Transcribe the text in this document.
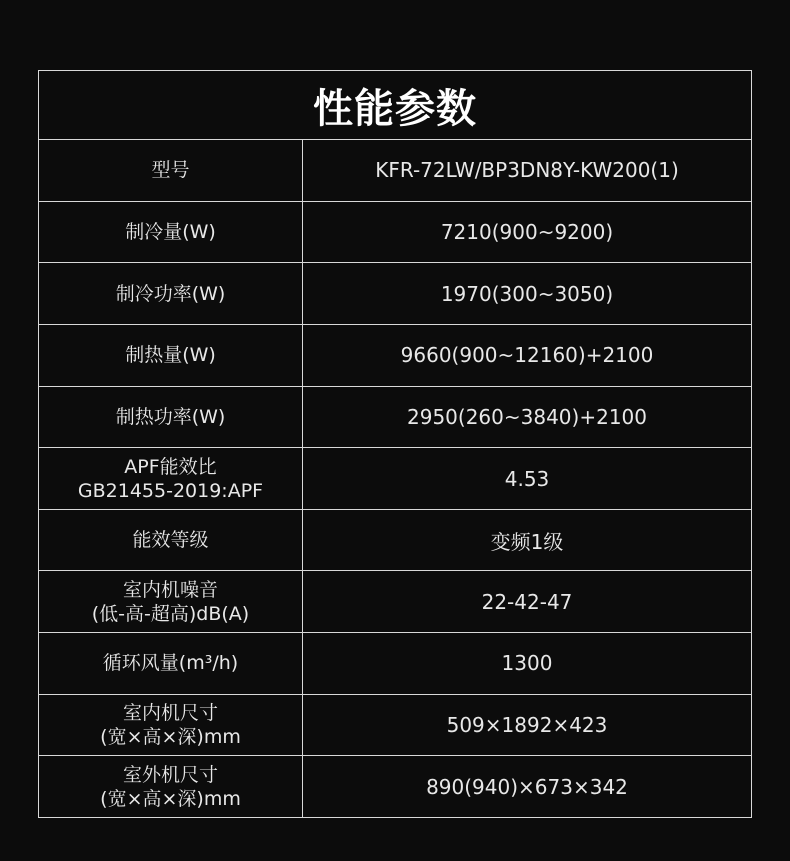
性能参数
型号	KFR-72LW/BP3DN8Y-KW200(1)
制冷量(W)	7210(900~9200)
制冷功率(W)	1970(300~3050)
制热量(W)	9660(900~12160)+2100
制热功率(W)	2950(260~3840)+2100
APF能效比
GB21455-2019:APF	4.53
能效等级	变频1级
室内机噪音
(低-高-超高)dB(A)	22-42-47
循环风量(m³/h)	1300
室内机尺寸
(宽×高×深)mm	509×1892×423
室外机尺寸
(宽×高×深)mm	890(940)×673×342
